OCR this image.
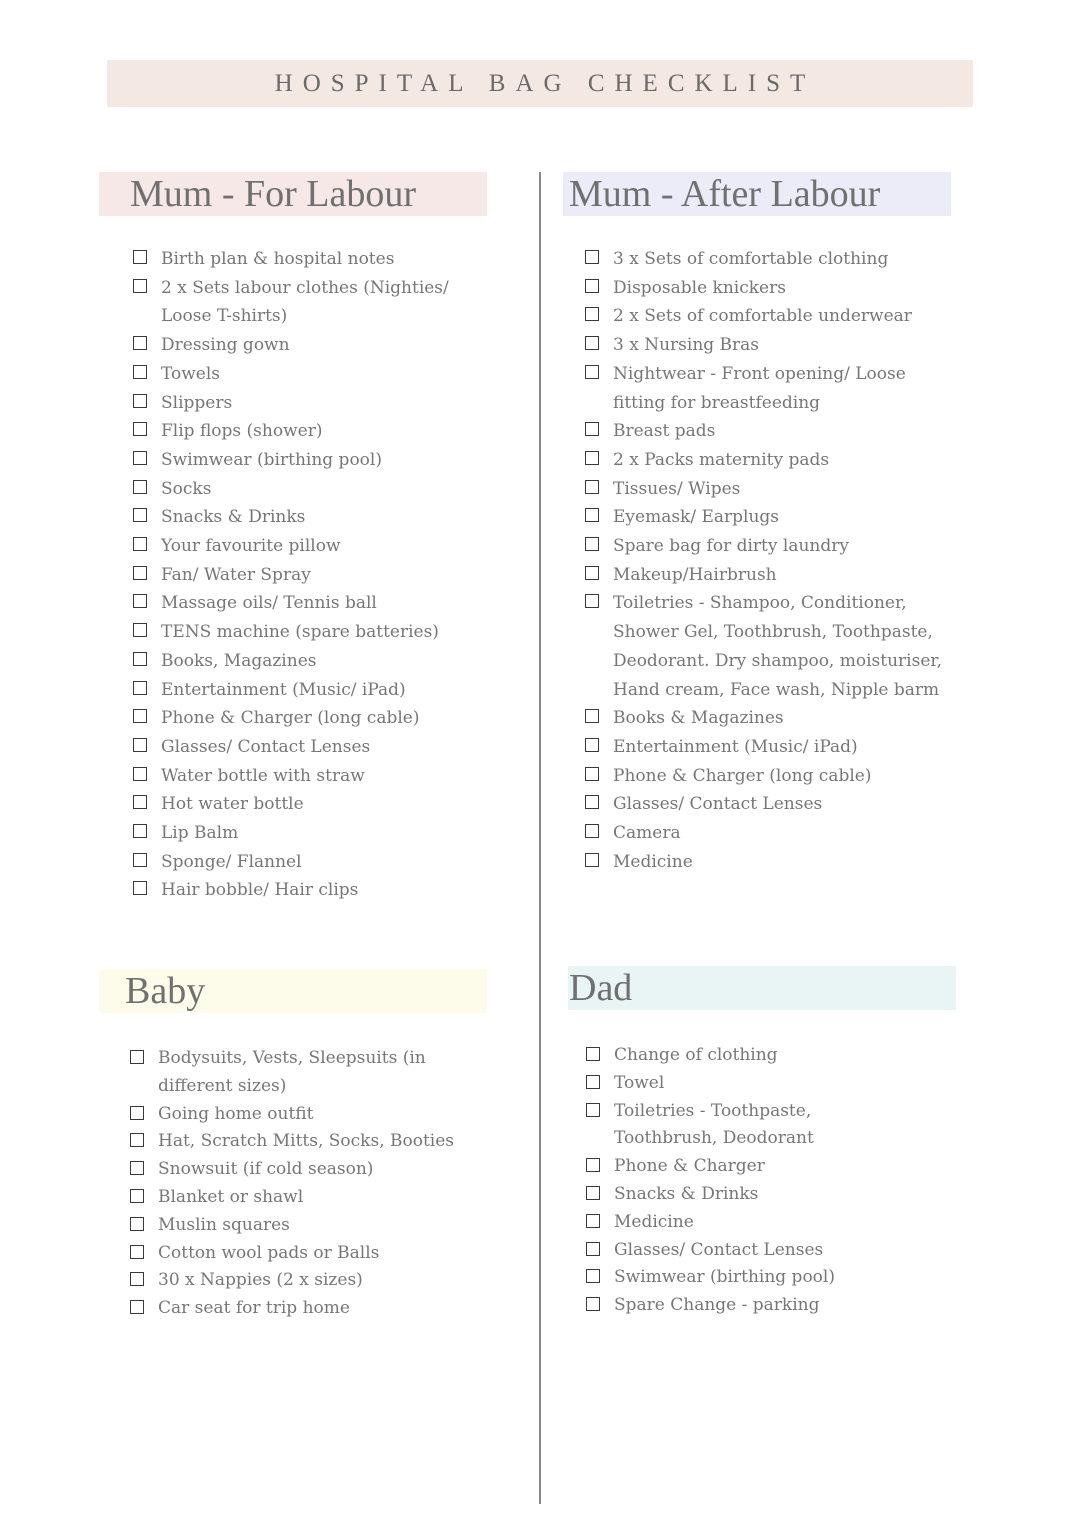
HOSPITAL BAG CHECKLIST
Mum - For Labour
Birth plan & hospital notes
2 x Sets labour clothes (Nighties/ Loose T-shirts)
Dressing gown
Towels
Slippers
Flip flops (shower)
Swimwear (birthing pool)
Socks
Snacks & Drinks
Your favourite pillow
Fan/ Water Spray
Massage oils/ Tennis ball
TENS machine (spare batteries)
Books, Magazines
Entertainment (Music/ iPad)
Phone & Charger (long cable)
Glasses/ Contact Lenses
Water bottle with straw
Hot water bottle
Lip Balm
Sponge/ Flannel
Hair bobble/ Hair clips
Mum - After Labour
3 x Sets of comfortable clothing
Disposable knickers
2 x Sets of comfortable underwear
3 x Nursing Bras
Nightwear - Front opening/ Loose fitting for breastfeeding
Breast pads
2 x Packs maternity pads
Tissues/ Wipes
Eyemask/ Earplugs
Spare bag for dirty laundry
Makeup/Hairbrush
Toiletries - Shampoo, Conditioner, Shower Gel, Toothbrush, Toothpaste, Deodorant. Dry shampoo, moisturiser, Hand cream, Face wash, Nipple barm
Books & Magazines
Entertainment (Music/ iPad)
Phone & Charger (long cable)
Glasses/ Contact Lenses
Camera
Medicine
Baby
Bodysuits, Vests, Sleepsuits (in different sizes)
Going home outfit
Hat, Scratch Mitts, Socks, Booties
Snowsuit (if cold season)
Blanket or shawl
Muslin squares
Cotton wool pads or Balls
30 x Nappies (2 x sizes)
Car seat for trip home
Dad
Change of clothing
Towel
Toiletries - Toothpaste, Toothbrush, Deodorant
Phone & Charger
Snacks & Drinks
Medicine
Glasses/ Contact Lenses
Swimwear (birthing pool)
Spare Change - parking
